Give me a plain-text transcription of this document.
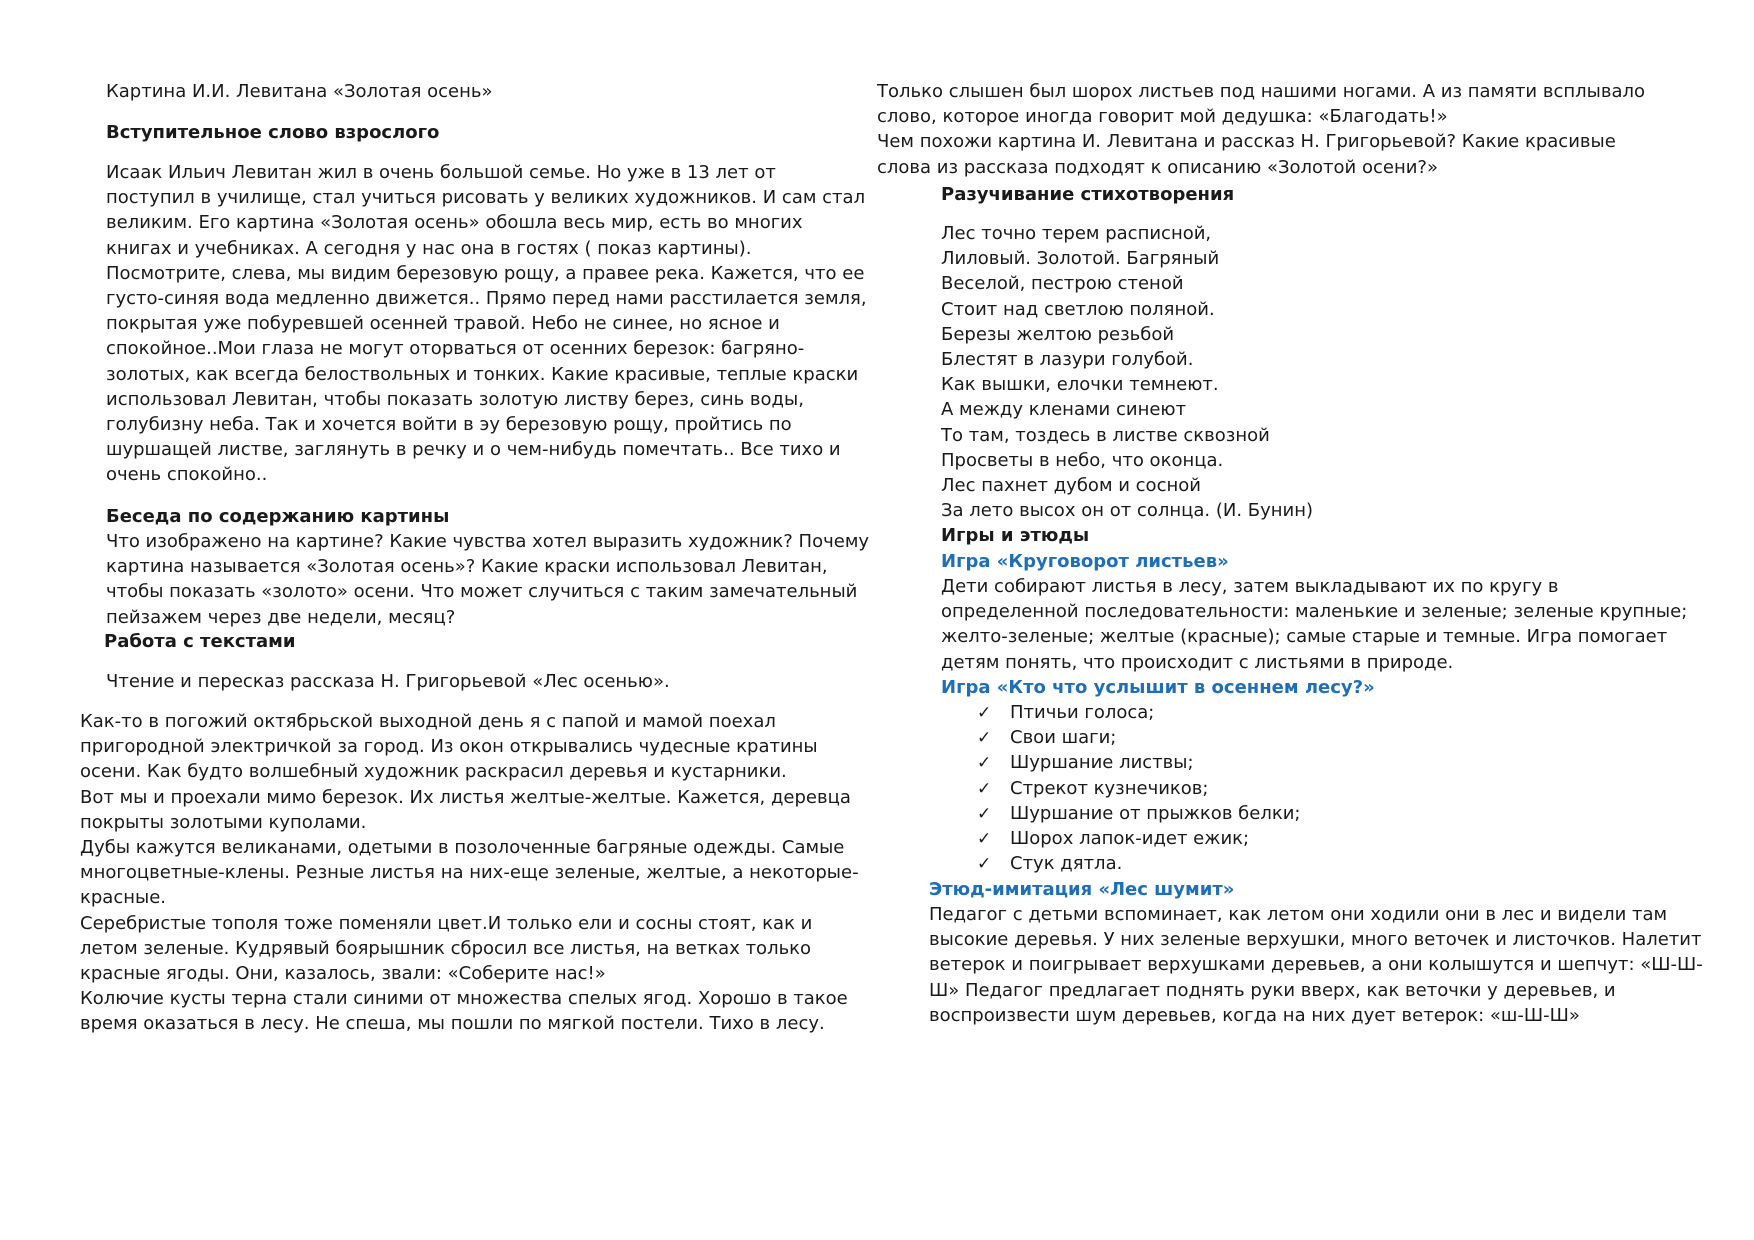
Картина И.И. Левитана «Золотая осень»
Вступительное слово взрослого
Исаак Ильич Левитан жил в очень большой семье. Но уже в 13 лет от
поступил в училище, стал учиться рисовать у великих художников. И сам стал
великим. Его картина «Золотая осень» обошла весь мир, есть во многих
книгах и учебниках. А сегодня у нас она в гостях ( показ картины).
Посмотрите, слева, мы видим березовую рощу, а правее река. Кажется, что ее
густо-синяя вода медленно движется.. Прямо перед нами расстилается земля,
покрытая уже побуревшей осенней травой. Небо не синее, но ясное и
спокойное..Мои глаза не могут оторваться от осенних березок: багряно-
золотых, как всегда белоствольных и тонких. Какие красивые, теплые краски
использовал Левитан, чтобы показать золотую листву берез, синь воды,
голубизну неба. Так и хочется войти в эу березовую рощу, пройтись по
шуршащей листве, заглянуть в речку и о чем-нибудь помечтать.. Все тихо и
очень спокойно..
Беседа по содержанию картины
Что изображено на картине? Какие чувства хотел выразить художник? Почему
картина называется «Золотая осень»? Какие краски использовал Левитан,
чтобы показать «золото» осени. Что может случиться с таким замечательный
пейзажем через две недели, месяц?
Работа с текстами
Чтение и пересказ рассказа Н. Григорьевой «Лес осенью».
Как-то в погожий октябрьской выходной день я с папой и мамой поехал
пригородной электричкой за город. Из окон открывались чудесные кратины
осени. Как будто волшебный художник раскрасил деревья и кустарники.
Вот мы и проехали мимо березок. Их листья желтые-желтые. Кажется, деревца
покрыты золотыми куполами.
Дубы кажутся великанами, одетыми в позолоченные багряные одежды. Самые
многоцветные-клены. Резные листья на них-еще зеленые, желтые, а некоторые-
красные.
Серебристые тополя тоже поменяли цвет.И только ели и сосны стоят, как и
летом зеленые. Кудрявый боярышник сбросил все листья, на ветках только
красные ягоды. Они, казалось, звали: «Соберите нас!»
Колючие кусты терна стали синими от множества спелых ягод. Хорошо в такое
время оказаться в лесу. Не спеша, мы пошли по мягкой постели. Тихо в лесу.
Только слышен был шорох листьев под нашими ногами. А из памяти всплывало
слово, которое иногда говорит мой дедушка: «Благодать!»
Чем похожи картина И. Левитана и рассказ Н. Григорьевой? Какие красивые
слова из рассказа подходят к описанию «Золотой осени?»
Разучивание стихотворения
Лес точно терем расписной,
Лиловый. Золотой. Багряный
Веселой, пестрою стеной
Стоит над светлою поляной.
Березы желтою резьбой
Блестят в лазури голубой.
Как вышки, елочки темнеют.
А между кленами синеют
То там, тоздесь в листве сквозной
Просветы в небо, что оконца.
Лес пахнет дубом и сосной
За лето высох он от солнца. (И. Бунин)
Игры и этюды
Игра «Круговорот листьев»
Дети собирают листья в лесу, затем выкладывают их по кругу в
определенной последовательности: маленькие и зеленые; зеленые крупные;
желто-зеленые; желтые (красные); самые старые и темные. Игра помогает
детям понять, что происходит с листьями в природе.
Игра «Кто что услышит в осеннем лесу?»
✓ Птичьи голоса;
✓ Свои шаги;
✓ Шуршание листвы;
✓ Стрекот кузнечиков;
✓ Шуршание от прыжков белки;
✓ Шорох лапок-идет ежик;
✓ Стук дятла.
Этюд-имитация «Лес шумит»
Педагог с детьми вспоминает, как летом они ходили они в лес и видели там
высокие деревья. У них зеленые верхушки, много веточек и листочков. Налетит
ветерок и поигрывает верхушками деревьев, а они колышутся и шепчут: «Ш-Ш-
Ш» Педагог предлагает поднять руки вверх, как веточки у деревьев, и
воспроизвести шум деревьев, когда на них дует ветерок: «ш-Ш-Ш»
